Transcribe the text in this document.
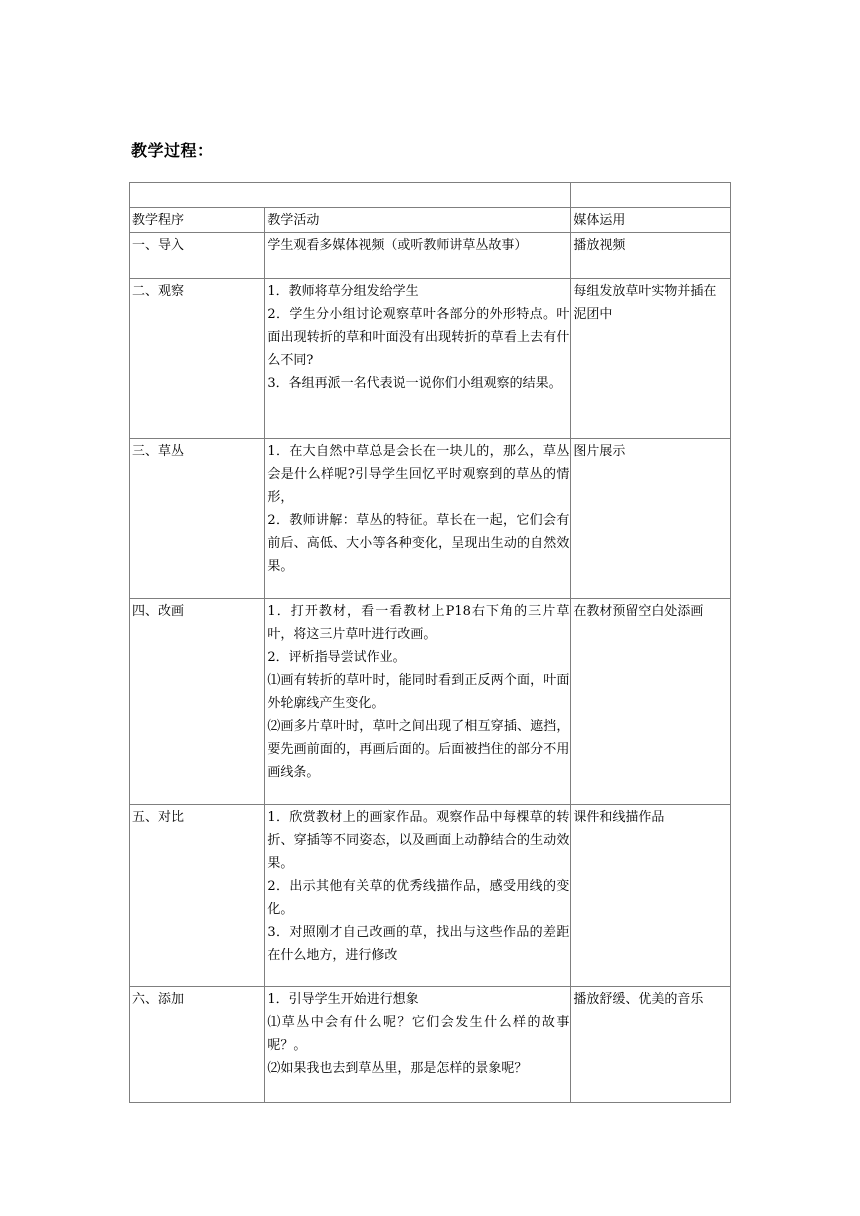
教学过程：

教学程序	教学活动	媒体运用
一、导入	学生观看多媒体视频（或听教师讲草丛故事）	播放视频
二、观察	1．教师将草分组发给学生
2．学生分小组讨论观察草叶各部分的外形特点。叶面出现转折的草和叶面没有出现转折的草看上去有什么不同?
3．各组再派一名代表说一说你们小组观察的结果。	每组发放草叶实物并插在泥团中
三、草丛	1．在大自然中草总是会长在一块儿的，那么，草丛会是什么样呢?引导学生回忆平时观察到的草丛的情形，
2．教师讲解：草丛的特征。草长在一起，它们会有前后、高低、大小等各种变化，呈现出生动的自然效果。	图片展示
四、改画	1．打开教材，看一看教材上P18右下角的三片草叶，将这三片草叶进行改画。
2．评析指导尝试作业。
⑴画有转折的草叶时，能同时看到正反两个面，叶面外轮廓线产生变化。
⑵画多片草叶时，草叶之间出现了相互穿插、遮挡，要先画前面的，再画后面的。后面被挡住的部分不用画线条。	在教材预留空白处添画
五、对比	1．欣赏教材上的画家作品。观察作品中每棵草的转折、穿插等不同姿态，以及画面上动静结合的生动效果。
2．出示其他有关草的优秀线描作品，感受用线的变化。
3．对照刚才自己改画的草，找出与这些作品的差距在什么地方，进行修改	课件和线描作品
六、添加	1．引导学生开始进行想象
⑴草丛中会有什么呢？它们会发生什么样的故事呢？。
⑵如果我也去到草丛里，那是怎样的景象呢？	播放舒缓、优美的音乐
